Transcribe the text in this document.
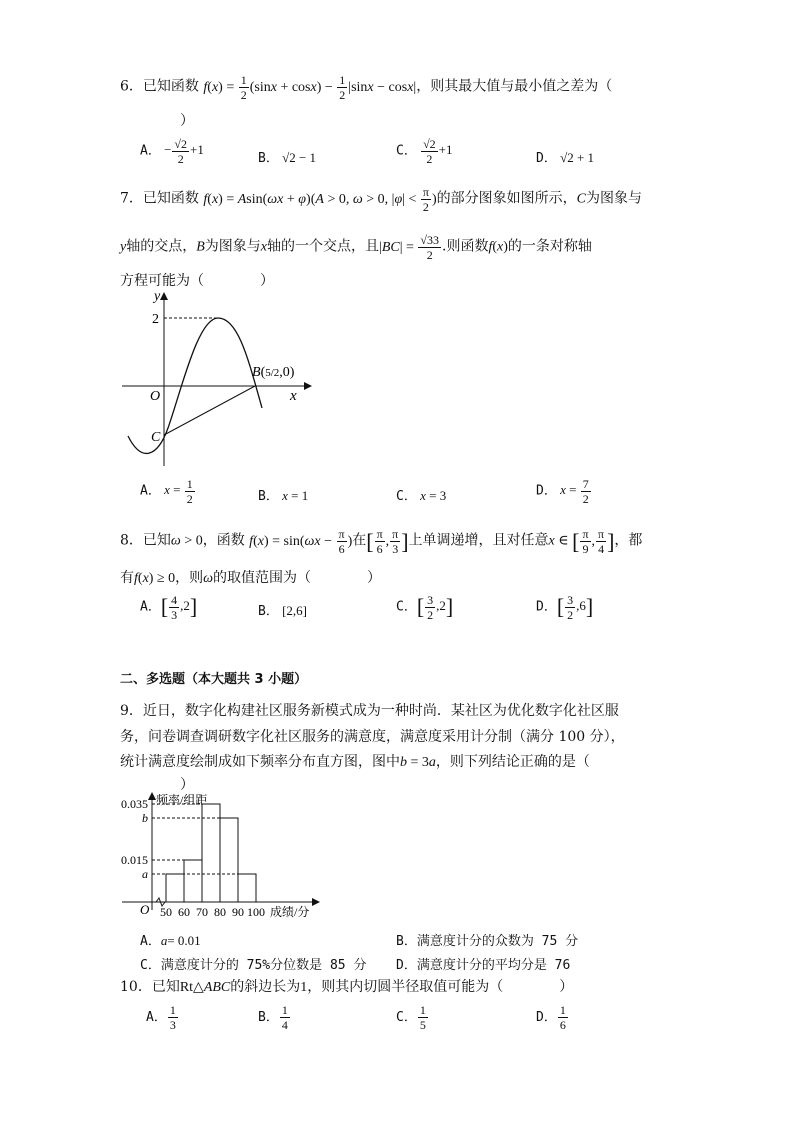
6．已知函数 $f(x) = \frac{1}{2} (\sin x + \cos x) - \frac{1}{2} |\sin x - \cos x|$，则其最大值与最小值之差为（
）
A． − $\frac{√2}{2} +1$
B． √2 − 1	C． $\frac{√2}{2} +1$
D． √2 + 1
7．已知函数 f(x) = Asin(ωx + φ)(A > 0, ω > 0, $|\varphi| < \frac{\pi}{2}$ )的部分图象如图所示，C为图象与
y轴的交点，B为图象与x轴的一个交点，且$|BC| = \frac{√33}{2}$ .则函数f(x)的一条对称轴
方程可能为（　　　　）
y
x
O
2
C
B(5/2,0)
A． $x = \frac{1}{2}$	B． x = 1	C． x = 3	D． $x = \frac{7}{2}$
8．已知ω > 0，函数 $f(x) = \sin(\omega x - \frac{\pi}{6}$ )在[ $\frac{\pi}{6}$ , $\frac{\pi}{3}$ ]上单调递增，且对任意x ∈ [ $\frac{\pi}{9}$ , $\frac{\pi}{4}$ ]，都
有f(x) ≥ 0，则ω的取值范围为（　　　　）
A．[ $\frac{4}{3} ,2$]	B． [2,6]	C．[ $\frac{3}{2} ,2$]	D．[ $\frac{3}{2} ,6$]
二、多选题（本大题共 3 小题）
9．近日，数字化构建社区服务新模式成为一种时尚．某社区为优化数字化社区服
务，问卷调查调研数字化社区服务的满意度，满意度采用计分制（满分 100 分），
统计满意度绘制成如下频率分布直方图，图中b = 3a，则下列结论正确的是（
）
频率/组距
成绩/分
O
0.035
b
0.015
a
50 60 70 80 90 100
A．a= 0.01	B．满意度计分的众数为 75 分
C．满意度计分的 75%分位数是 85 分 D．满意度计分的平均分是 76
10．已知Rt△ABC的斜边长为1，则其内切圆半径取值可能为（　　　　）
A． $\frac{1}{3}$	B． $\frac{1}{4}$	C． $\frac{1}{5}$	D． $\frac{1}{6}$
